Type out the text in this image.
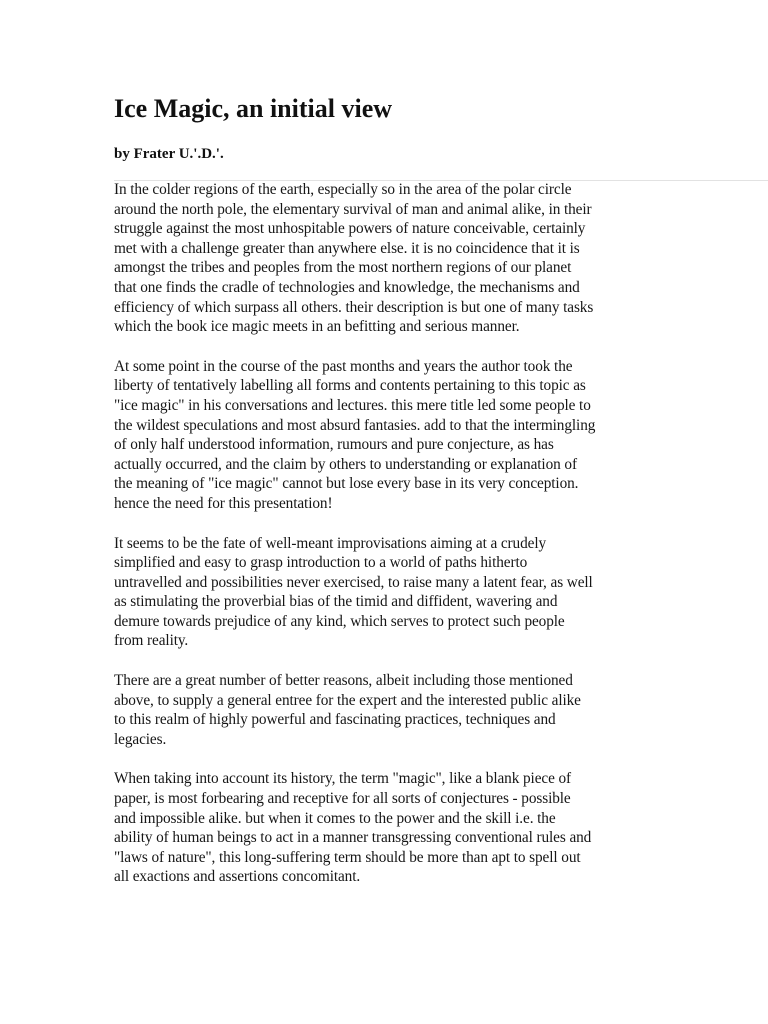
Ice Magic, an initial view

by Frater U.'.D.'.

In the colder regions of the earth, especially so in the area of the polar circle
around the north pole, the elementary survival of man and animal alike, in their
struggle against the most unhospitable powers of nature conceivable, certainly
met with a challenge greater than anywhere else. it is no coincidence that it is
amongst the tribes and peoples from the most northern regions of our planet
that one finds the cradle of technologies and knowledge, the mechanisms and
efficiency of which surpass all others. their description is but one of many tasks
which the book ice magic meets in an befitting and serious manner.

At some point in the course of the past months and years the author took the
liberty of tentatively labelling all forms and contents pertaining to this topic as
"ice magic" in his conversations and lectures. this mere title led some people to
the wildest speculations and most absurd fantasies. add to that the intermingling
of only half understood information, rumours and pure conjecture, as has
actually occurred, and the claim by others to understanding or explanation of
the meaning of "ice magic" cannot but lose every base in its very conception.
hence the need for this presentation!

It seems to be the fate of well-meant improvisations aiming at a crudely
simplified and easy to grasp introduction to a world of paths hitherto
untravelled and possibilities never exercised, to raise many a latent fear, as well
as stimulating the proverbial bias of the timid and diffident, wavering and
demure towards prejudice of any kind, which serves to protect such people
from reality.

There are a great number of better reasons, albeit including those mentioned
above, to supply a general entree for the expert and the interested public alike
to this realm of highly powerful and fascinating practices, techniques and
legacies.

When taking into account its history, the term "magic", like a blank piece of
paper, is most forbearing and receptive for all sorts of conjectures - possible
and impossible alike. but when it comes to the power and the skill i.e. the
ability of human beings to act in a manner transgressing conventional rules and
"laws of nature", this long-suffering term should be more than apt to spell out
all exactions and assertions concomitant.
